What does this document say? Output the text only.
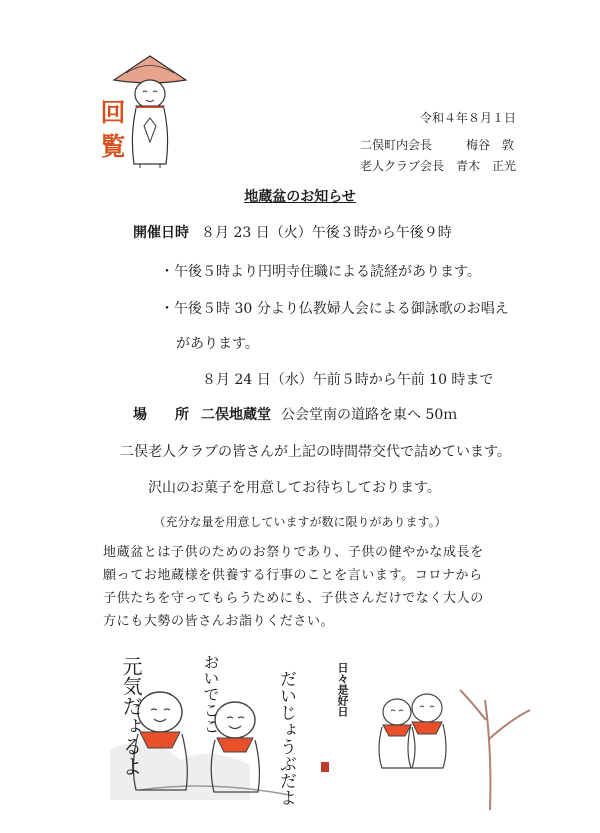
回
覧
令和４年８月１日
二俣町内会長	梅谷　敦
老人クラブ会長 青木　正光
地蔵盆のお知らせ
開催日時 ８月 23 日（火）午後３時から午後９時
・午後５時より円明寺住職による読経があります。
・午後５時 30 分より仏教婦人会による御詠歌のお唱え
があります。
８月 24 日（水）午前５時から午前 10 時まで
場　　所 二俣地蔵堂 公会堂南の道路を東へ 50ｍ
二俣老人クラブの皆さんが上記の時間帯交代で詰めています。
沢山のお菓子を用意してお待ちしております。
（充分な量を用意していますが数に限りがあります。）
地蔵盆とは子供のためのお祭りであり、子供の健やかな成長を
願ってお地蔵様を供養する行事のことを言います。コロナから
子供たちを守ってもらうためにも、子供さんだけでなく大人の
方にも大勢の皆さんお詣りください。
元気だょるよ
おいでここ	だいじょうぶだよ	日々是好日
